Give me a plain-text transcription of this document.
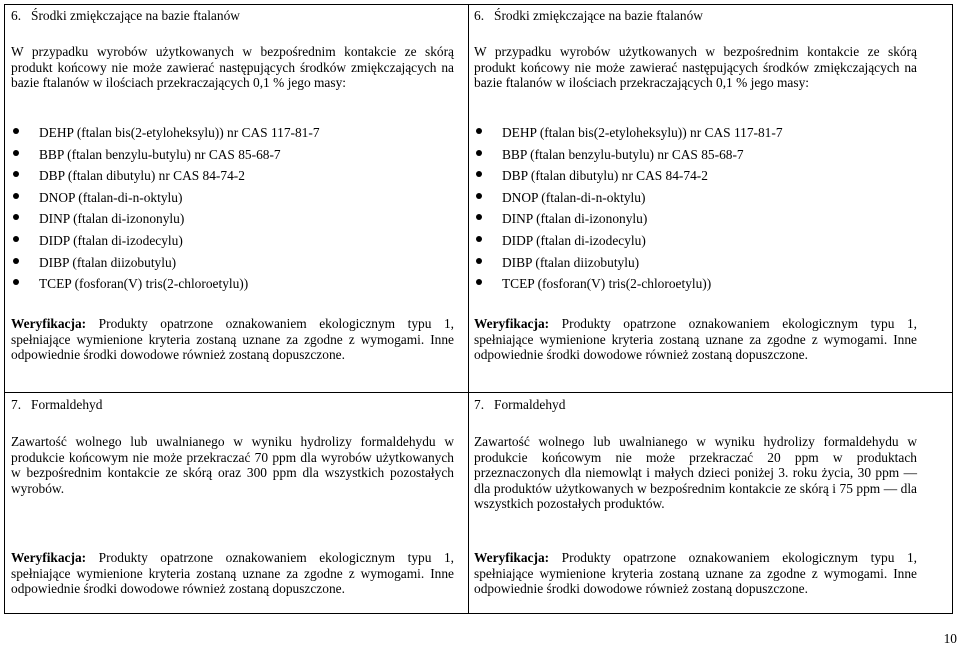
6. Środki zmiękczające na bazie ftalanów

W przypadku wyrobów użytkowanych w bezpośrednim kontakcie ze skórą produkt końcowy nie może zawierać następujących środków zmiękczających na bazie ftalanów w ilościach przekraczających 0,1 % jego masy:

DEHP (ftalan bis(2-etyloheksylu)) nr CAS 117-81-7
BBP (ftalan benzylu-butylu) nr CAS 85-68-7
DBP (ftalan dibutylu) nr CAS 84-74-2
DNOP (ftalan-di-n-oktylu)
DINP (ftalan di-izononylu)
DIDP (ftalan di-izodecylu)
DIBP (ftalan diizobutylu)
TCEP (fosforan(V) tris(2-chloroetylu))

Weryfikacja: Produkty opatrzone oznakowaniem ekologicznym typu 1, spełniające wymienione kryteria zostaną uznane za zgodne z wymogami. Inne odpowiednie środki dowodowe również zostaną dopuszczone.

7. Formaldehyd

Zawartość wolnego lub uwalnianego w wyniku hydrolizy formaldehydu w produkcie końcowym nie może przekraczać 70 ppm dla wyrobów użytkowanych w bezpośrednim kontakcie ze skórą oraz 300 ppm dla wszystkich pozostałych wyrobów.

Weryfikacja: Produkty opatrzone oznakowaniem ekologicznym typu 1, spełniające wymienione kryteria zostaną uznane za zgodne z wymogami. Inne odpowiednie środki dowodowe również zostaną dopuszczone.

6. Środki zmiękczające na bazie ftalanów

W przypadku wyrobów użytkowanych w bezpośrednim kontakcie ze skórą produkt końcowy nie może zawierać następujących środków zmiękczających na bazie ftalanów w ilościach przekraczających 0,1 % jego masy:

DEHP (ftalan bis(2-etyloheksylu)) nr CAS 117-81-7
BBP (ftalan benzylu-butylu) nr CAS 85-68-7
DBP (ftalan dibutylu) nr CAS 84-74-2
DNOP (ftalan-di-n-oktylu)
DINP (ftalan di-izononylu)
DIDP (ftalan di-izodecylu)
DIBP (ftalan diizobutylu)
TCEP (fosforan(V) tris(2-chloroetylu))

Weryfikacja: Produkty opatrzone oznakowaniem ekologicznym typu 1, spełniające wymienione kryteria zostaną uznane za zgodne z wymogami. Inne odpowiednie środki dowodowe również zostaną dopuszczone.

7. Formaldehyd

Zawartość wolnego lub uwalnianego w wyniku hydrolizy formaldehydu w produkcie końcowym nie może przekraczać 20 ppm w produktach przeznaczonych dla niemowląt i małych dzieci poniżej 3. roku życia, 30 ppm — dla produktów użytkowanych w bezpośrednim kontakcie ze skórą i 75 ppm — dla wszystkich pozostałych produktów.

Weryfikacja: Produkty opatrzone oznakowaniem ekologicznym typu 1, spełniające wymienione kryteria zostaną uznane za zgodne z wymogami. Inne odpowiednie środki dowodowe również zostaną dopuszczone.

10
